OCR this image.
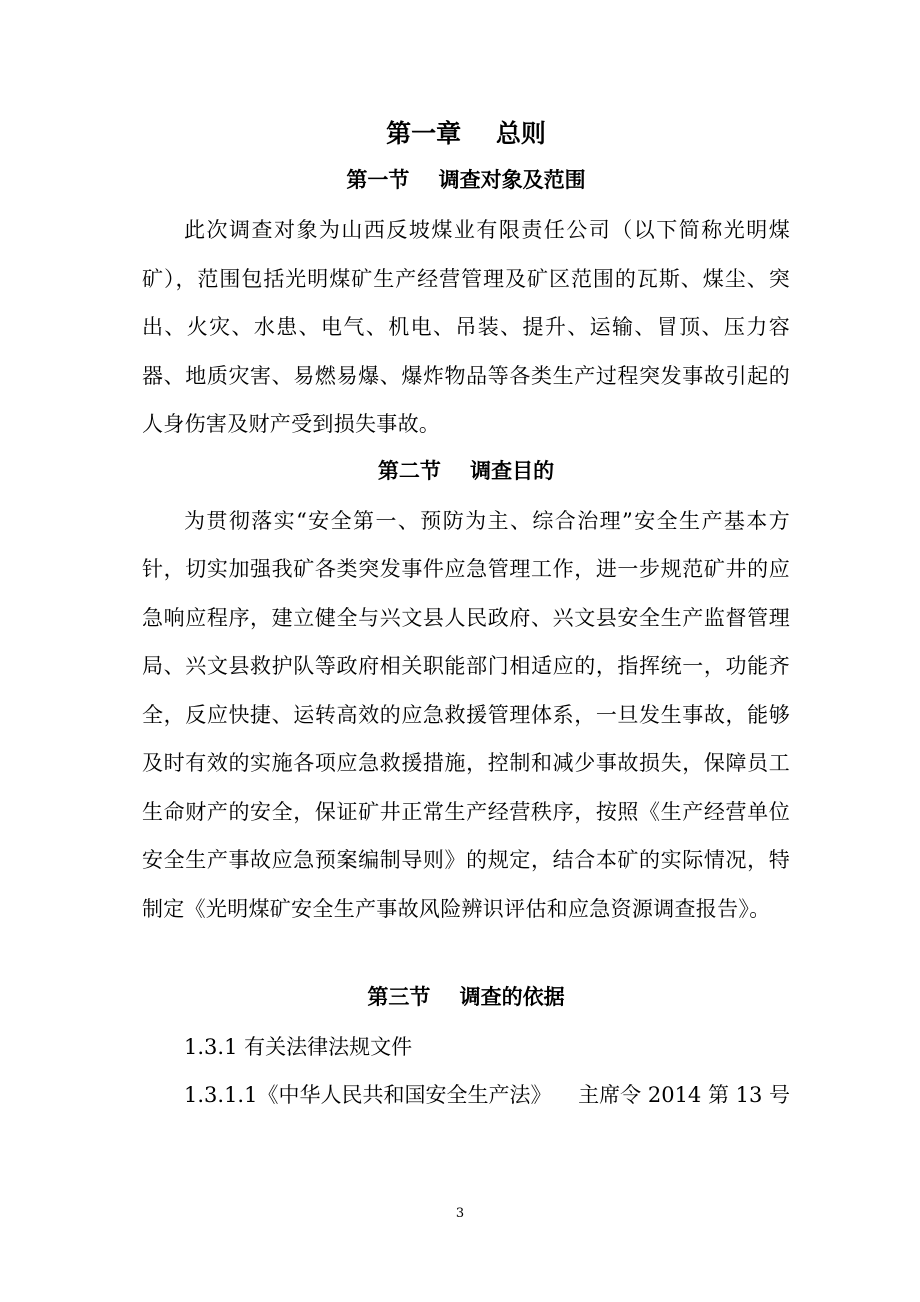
第一章    总则
第一节    调查对象及范围

此次调查对象为山西反坡煤业有限责任公司（以下简称光明煤矿），范围包括光明煤矿生产经营管理及矿区范围的瓦斯、煤尘、突出、火灾、水患、电气、机电、吊装、提升、运输、冒顶、压力容器、地质灾害、易燃易爆、爆炸物品等各类生产过程突发事故引起的人身伤害及财产受到损失事故。

第二节    调查目的

为贯彻落实“安全第一、预防为主、综合治理”安全生产基本方针，切实加强我矿各类突发事件应急管理工作，进一步规范矿井的应急响应程序，建立健全与兴文县人民政府、兴文县安全生产监督管理局、兴文县救护队等政府相关职能部门相适应的，指挥统一，功能齐全，反应快捷、运转高效的应急救援管理体系，一旦发生事故，能够及时有效的实施各项应急救援措施，控制和减少事故损失，保障员工生命财产的安全，保证矿井正常生产经营秩序，按照《生产经营单位安全生产事故应急预案编制导则》的规定，结合本矿的实际情况，特制定《光明煤矿安全生产事故风险辨识评估和应急资源调查报告》。

第三节    调查的依据
1.3.1 有关法律法规文件
1.3.1.1《中华人民共和国安全生产法》    主席令 2014 第 13 号
3
